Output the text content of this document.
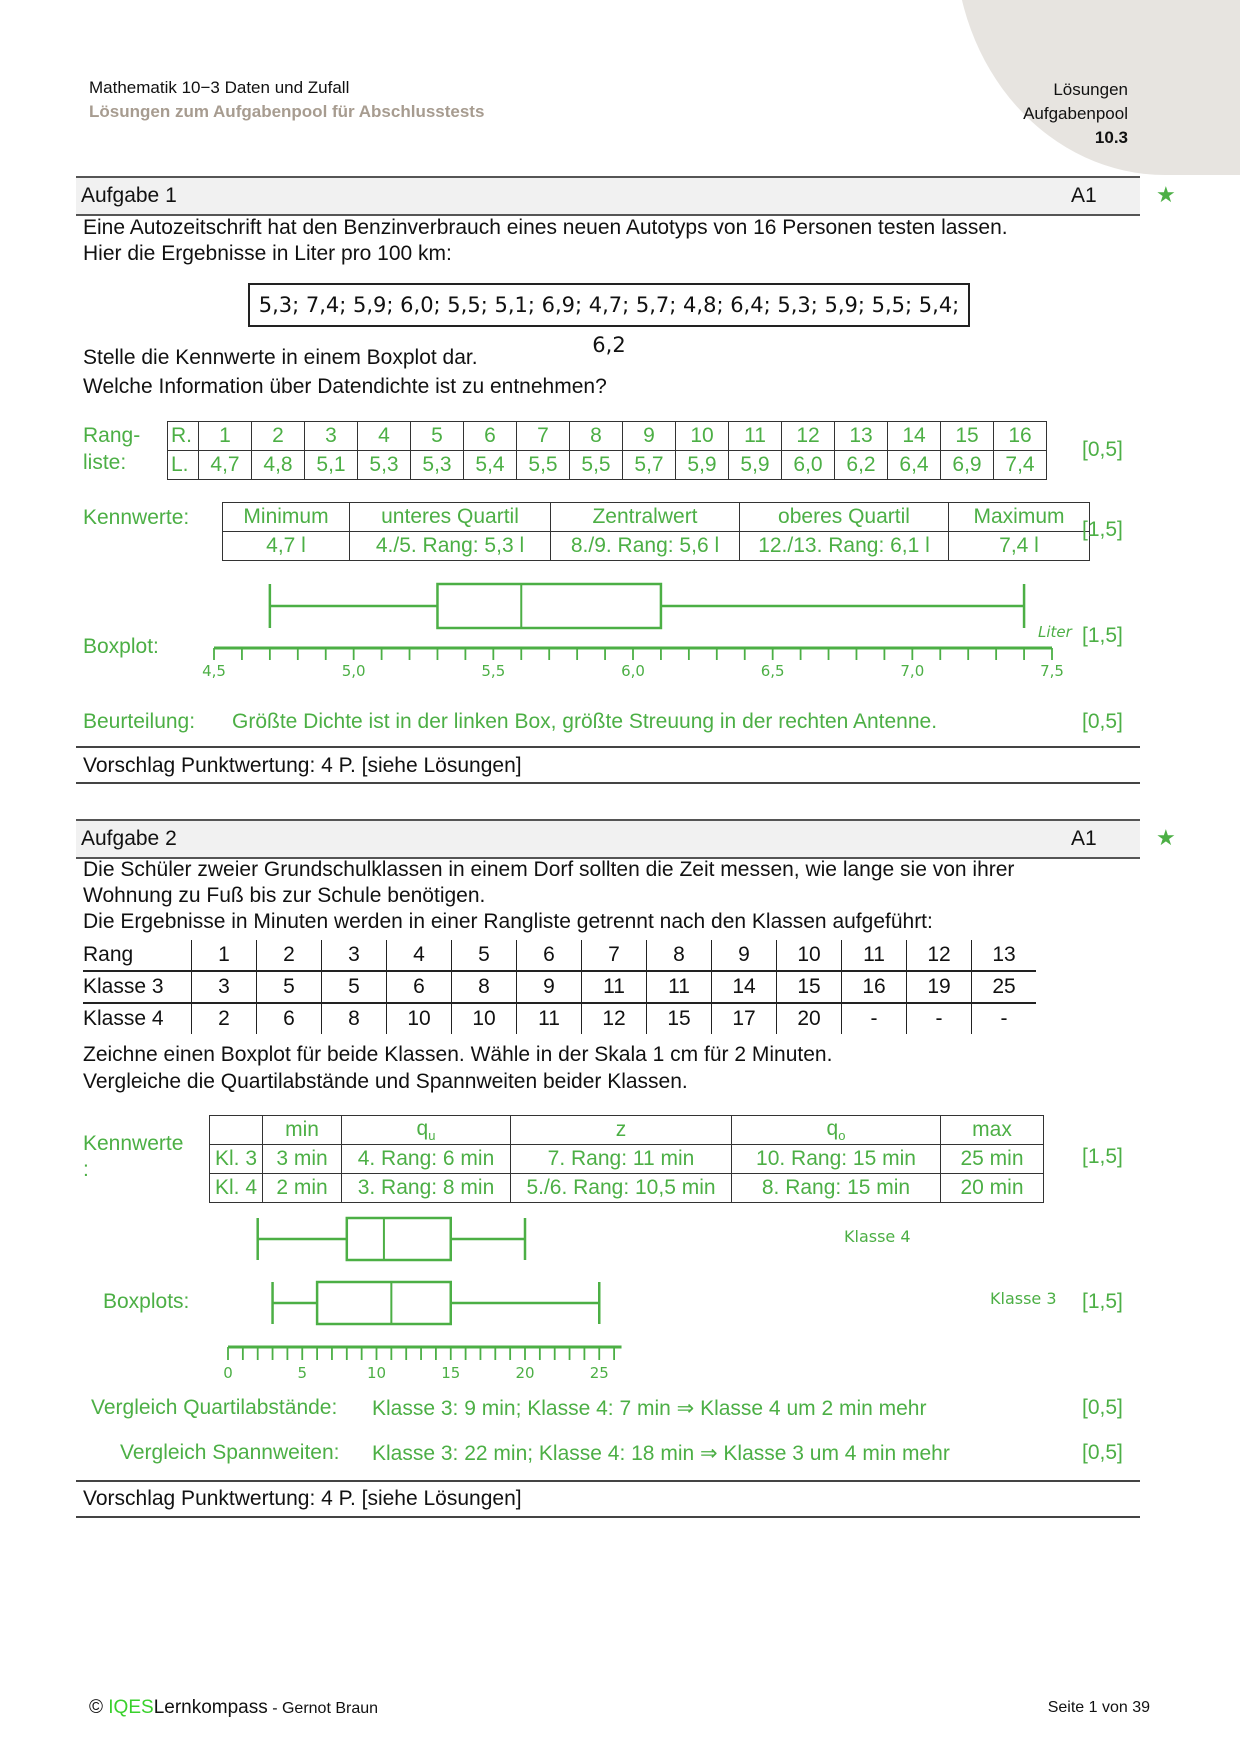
Mathematik 10−3 Daten und Zufall
Lösungen zum Aufgabenpool für Abschlusstests
Lösungen
Aufgabenpool
10.3
Aufgabe 1	A1	★
Eine Autozeitschrift hat den Benzinverbrauch eines neuen Autotyps von 16 Personen testen lassen.
Hier die Ergebnisse in Liter pro 100 km:
5,3; 7,4; 5,9; 6,0; 5,5; 5,1; 6,9; 4,7; 5,7; 4,8; 6,4; 5,3; 5,9; 5,5; 5,4; 6,2
Stelle die Kennwerte in einem Boxplot dar.
Welche Information über Datendichte ist zu entnehmen?
Rang-
liste:
R.	1	2	3	4	5	6	7	8	9	10	11	12	13	14	15	16
L.	4,7	4,8	5,1	5,3	5,3	5,4	5,5	5,5	5,7	5,9	5,9	6,0	6,2	6,4	6,9	7,4
[0,5]
Kennwerte:	Minimum	unteres Quartil	Zentralwert	oberes Quartil	Maximum
4,7 l	4./5. Rang: 5,3 l	8./9. Rang: 5,6 l	12./13. Rang: 6,1 l	7,4 l
[1,5]
Boxplot:	[1,5]
4,5	5,0	5,5	6,0	6,5	7,0	7,5
Liter
Beurteilung: Größte Dichte ist in der linken Box, größte Streuung in der rechten Antenne.	[0,5]
Vorschlag Punktwertung: 4 P. [siehe Lösungen]
Aufgabe 2	A1	★
Die Schüler zweier Grundschulklassen in einem Dorf sollten die Zeit messen, wie lange sie von ihrer
Wohnung zu Fuß bis zur Schule benötigen.
Die Ergebnisse in Minuten werden in einer Rangliste getrennt nach den Klassen aufgeführt:
Rang	1	2	3	4	5	6	7	8	9	10	11	12	13
Klasse 3	3	5	5	6	8	9	11	11	14	15	16	19	25
Klasse 4	2	6	8	10	10	11	12	15	17	20	-	-	-
Zeichne einen Boxplot für beide Klassen. Wähle in der Skala 1 cm für 2 Minuten.
Vergleiche die Quartilabstände und Spannweiten beider Klassen.
Kennwerte
:
	min	$q_u$	z	$q_o$	max
Kl. 3	3 min	4. Rang: 6 min	7. Rang: 11 min	10. Rang: 15 min	25 min
Kl. 4	2 min	3. Rang: 8 min	5./6. Rang: 10,5 min	8. Rang: 15 min	20 min
[1,5]
Boxplots:	[1,5]
Klasse 4
Klasse 3
0	5	10	15	20	25
Vergleich Quartilabstände: Klasse 3: 9 min; Klasse 4: 7 min ⇒ Klasse 4 um 2 min mehr	[0,5]
Vergleich Spannweiten: Klasse 3: 22 min; Klasse 4: 18 min ⇒ Klasse 3 um 4 min mehr	[0,5]
Vorschlag Punktwertung: 4 P. [siehe Lösungen]
© IQESLernkompass - Gernot Braun	Seite 1 von 39
